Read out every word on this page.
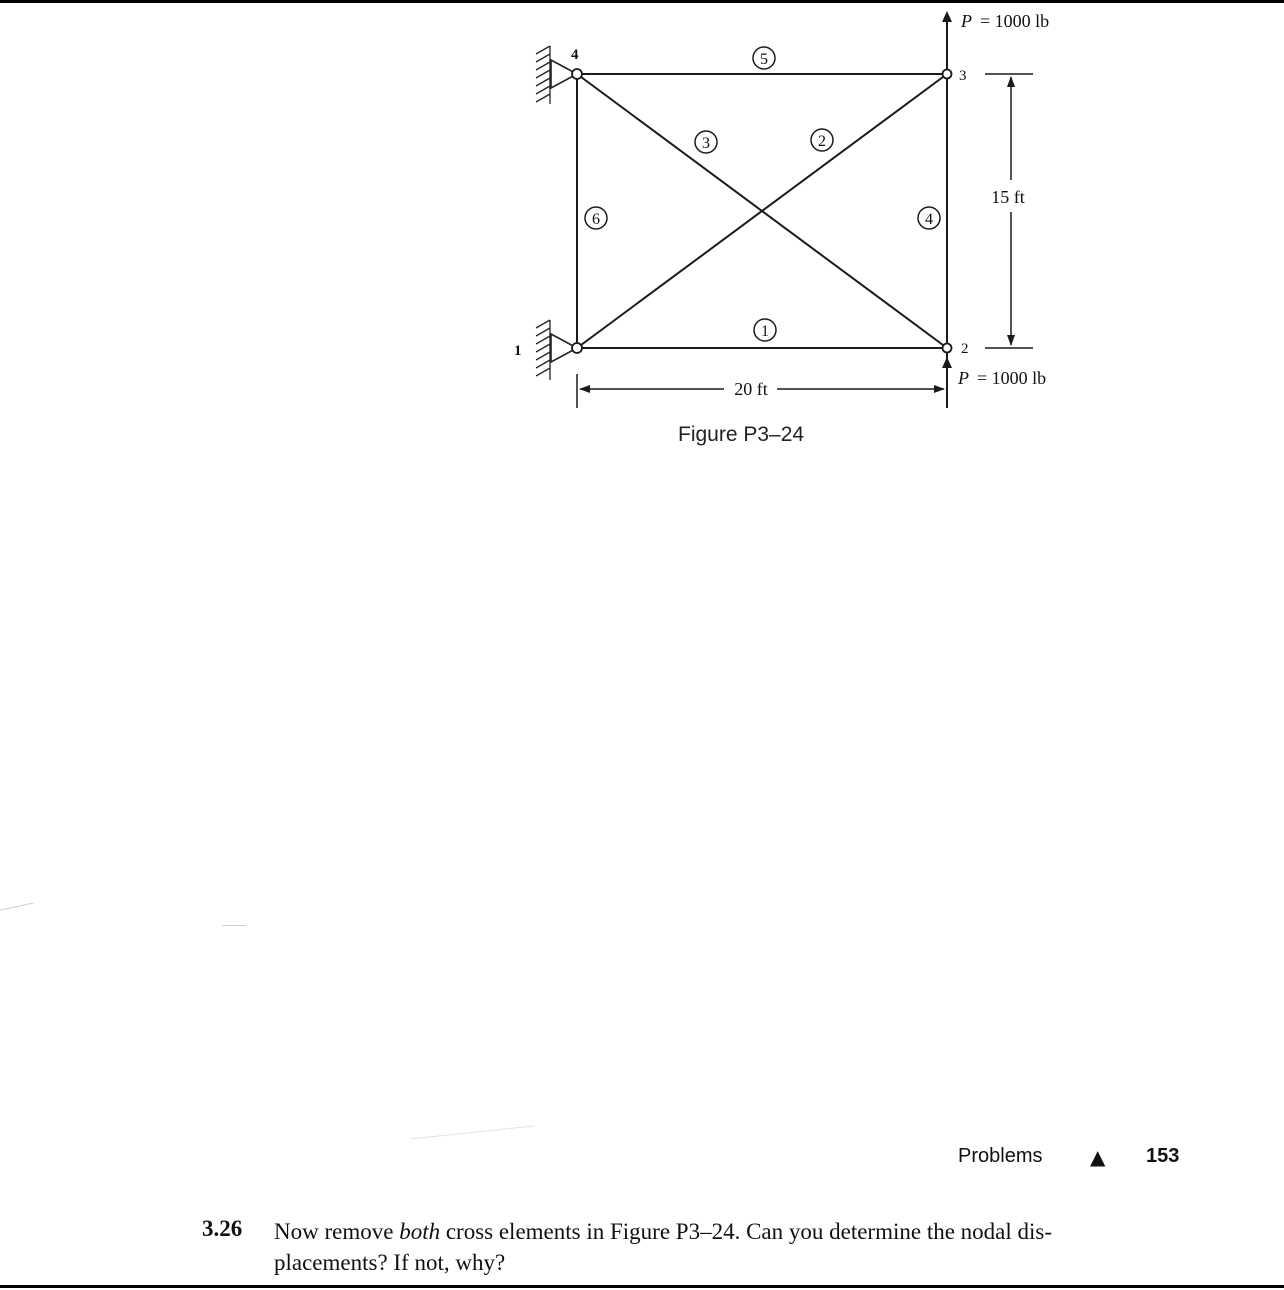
1	2
3
4
1
2
3
4
5
6
P = 1000 lb
P = 1000 lb
20 ft
15 ft
Figure P3–24
Problems ▲ 153
3.26 Now remove both cross elements in Figure P3–24. Can you determine the nodal dis-
placements? If not, why?
